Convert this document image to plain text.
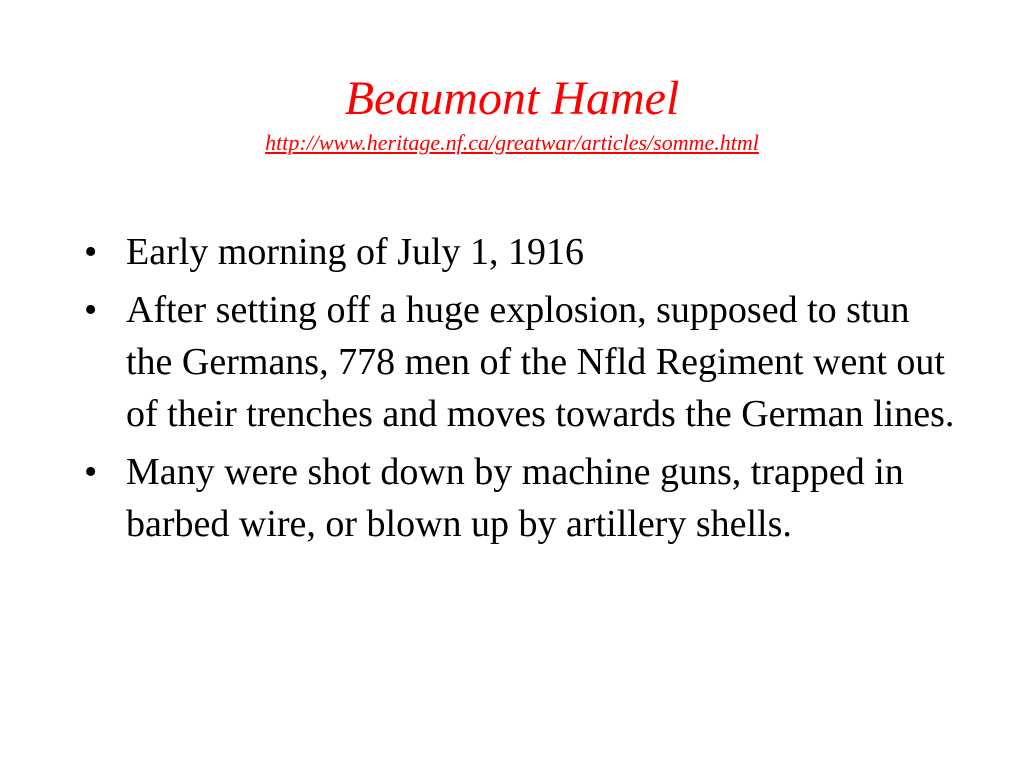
Beaumont Hamel
http://www.heritage.nf.ca/greatwar/articles/somme.html
• Early morning of July 1, 1916
• After setting off a huge explosion, supposed to stun the Germans, 778 men of the Nfld Regiment went out of their trenches and moves towards the German lines.
• Many were shot down by machine guns, trapped in barbed wire, or blown up by artillery shells.
